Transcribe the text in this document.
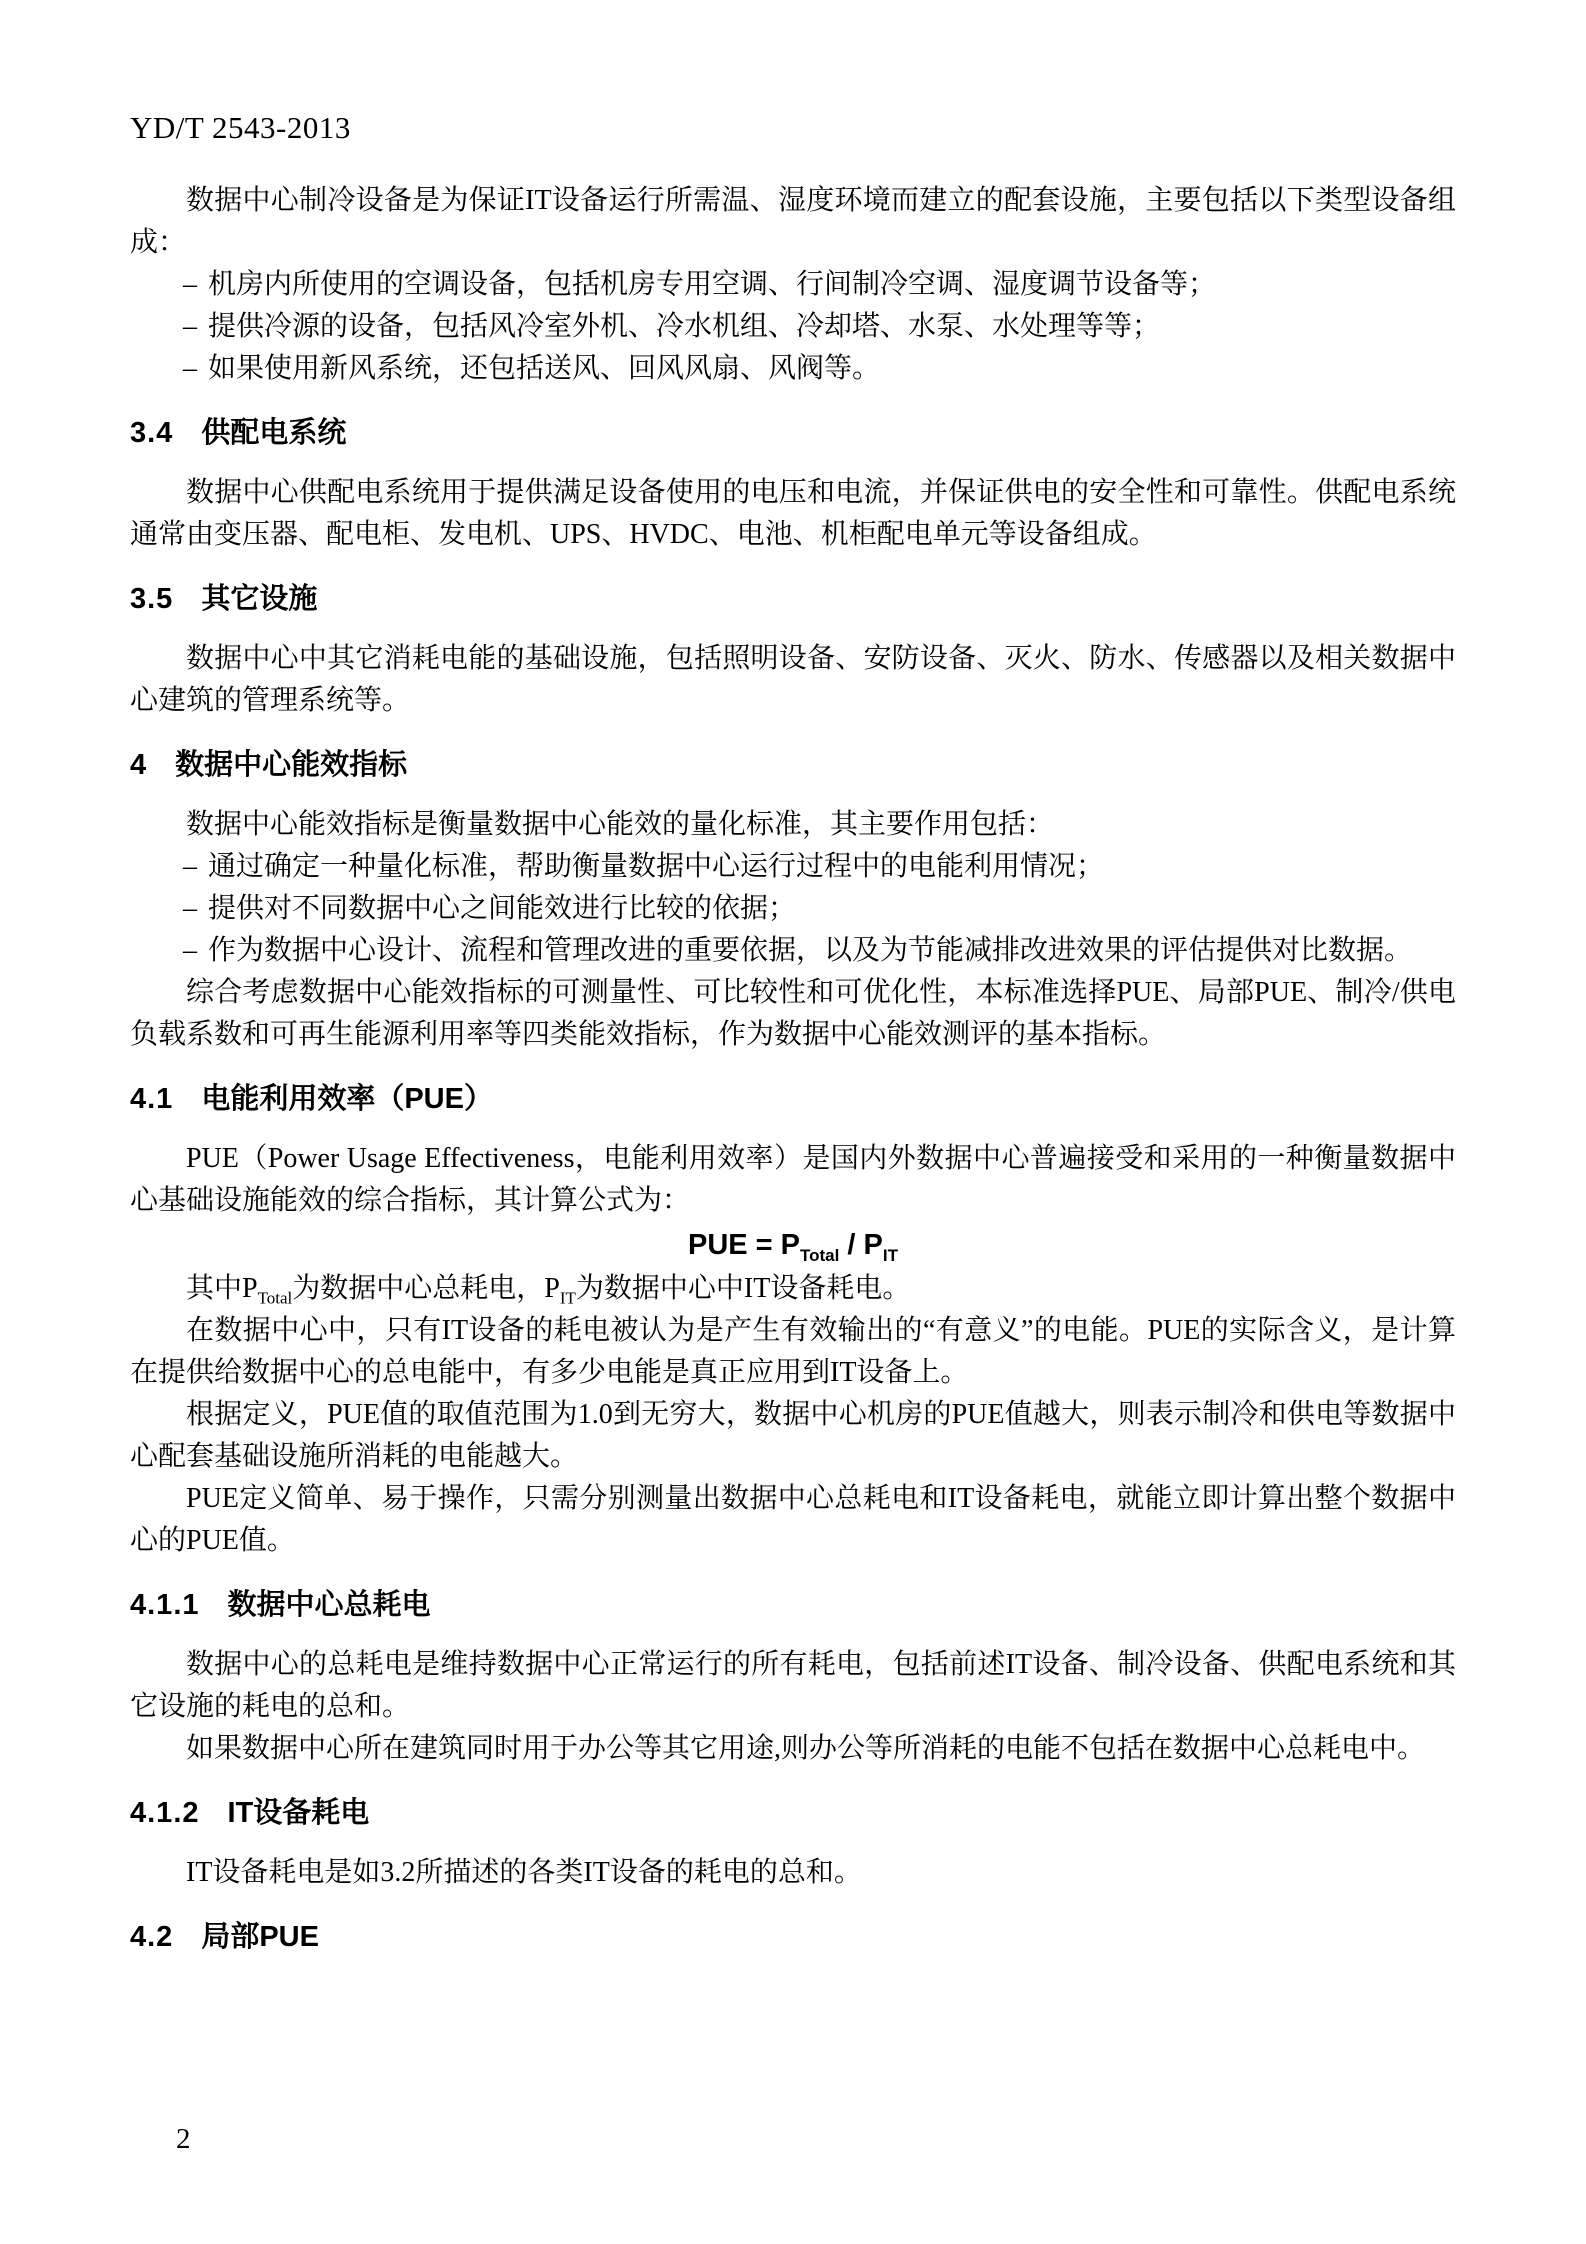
YD/T 2543-2013

数据中心制冷设备是为保证IT设备运行所需温、湿度环境而建立的配套设施，主要包括以下类型设备组成：

– 机房内所使用的空调设备，包括机房专用空调、行间制冷空调、湿度调节设备等；
– 提供冷源的设备，包括风冷室外机、冷水机组、冷却塔、水泵、水处理等等；
– 如果使用新风系统，还包括送风、回风风扇、风阀等。
3.4 供配电系统

数据中心供配电系统用于提供满足设备使用的电压和电流，并保证供电的安全性和可靠性。供配电系统通常由变压器、配电柜、发电机、UPS、HVDC、电池、机柜配电单元等设备组成。

3.5 其它设施

数据中心中其它消耗电能的基础设施，包括照明设备、安防设备、灭火、防水、传感器以及相关数据中心建筑的管理系统等。

4 数据中心能效指标

数据中心能效指标是衡量数据中心能效的量化标准，其主要作用包括：

– 通过确定一种量化标准，帮助衡量数据中心运行过程中的电能利用情况；
– 提供对不同数据中心之间能效进行比较的依据；
– 作为数据中心设计、流程和管理改进的重要依据，以及为节能减排改进效果的评估提供对比数据。

综合考虑数据中心能效指标的可测量性、可比较性和可优化性，本标准选择PUE、局部PUE、制冷/供电负载系数和可再生能源利用率等四类能效指标，作为数据中心能效测评的基本指标。

4.1 电能利用效率（PUE）

PUE（Power Usage Effectiveness，电能利用效率）是国内外数据中心普遍接受和采用的一种衡量数据中心基础设施能效的综合指标，其计算公式为：

PUE = $P_{Total} / P_{IT}$

其中$P_{Total}$为数据中心总耗电，$P_{IT}$为数据中心中IT设备耗电。

在数据中心中，只有IT设备的耗电被认为是产生有效输出的“有意义”的电能。PUE的实际含义，是计算在提供给数据中心的总电能中，有多少电能是真正应用到IT设备上。

根据定义，PUE值的取值范围为1.0到无穷大，数据中心机房的PUE值越大，则表示制冷和供电等数据中心配套基础设施所消耗的电能越大。

PUE定义简单、易于操作，只需分别测量出数据中心总耗电和IT设备耗电，就能立即计算出整个数据中心的PUE值。

4.1.1 数据中心总耗电

数据中心的总耗电是维持数据中心正常运行的所有耗电，包括前述IT设备、制冷设备、供配电系统和其它设施的耗电的总和。

如果数据中心所在建筑同时用于办公等其它用途,则办公等所消耗的电能不包括在数据中心总耗电中。

4.1.2 IT设备耗电

IT设备耗电是如3.2所描述的各类IT设备的耗电的总和。

4.2 局部PUE
2
